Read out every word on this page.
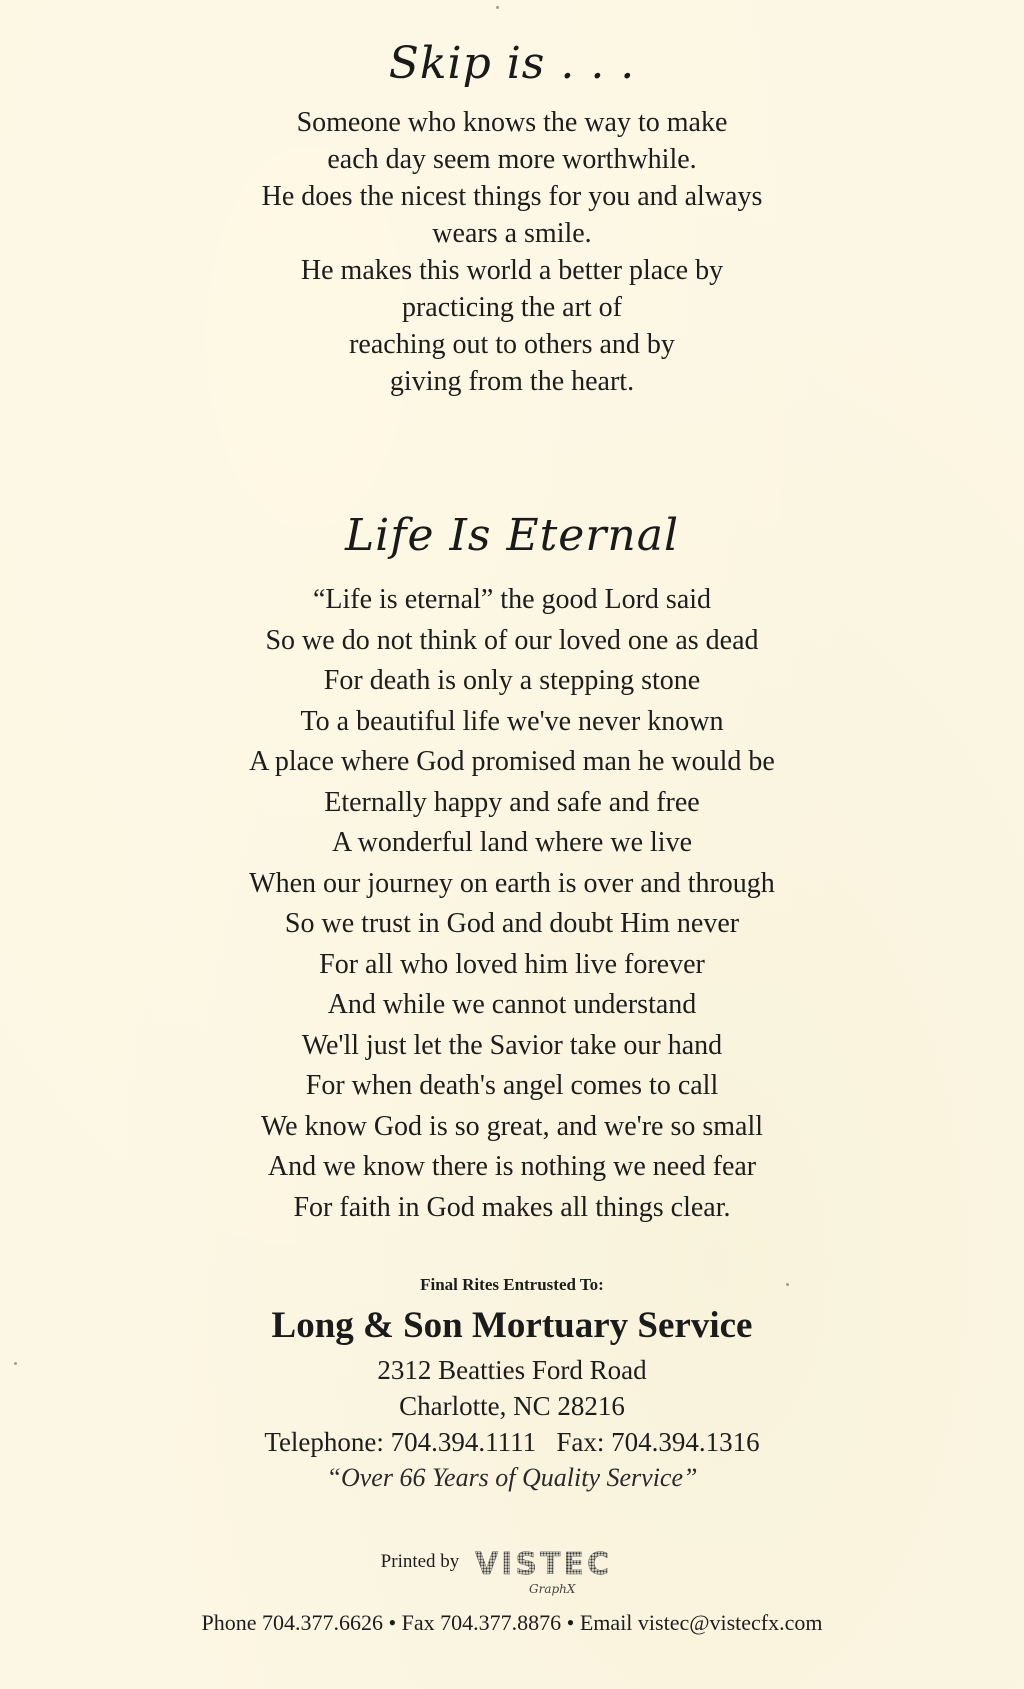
Skip is . . .
Someone who knows the way to make
each day seem more worthwhile.
He does the nicest things for you and always
wears a smile.
He makes this world a better place by
practicing the art of
reaching out to others and by
giving from the heart.
Life Is Eternal
“Life is eternal” the good Lord said
So we do not think of our loved one as dead
For death is only a stepping stone
To a beautiful life we've never known
A place where God promised man he would be
Eternally happy and safe and free
A wonderful land where we live
When our journey on earth is over and through
So we trust in God and doubt Him never
For all who loved him live forever
And while we cannot understand
We'll just let the Savior take our hand
For when death's angel comes to call
We know God is so great, and we're so small
And we know there is nothing we need fear
For faith in God makes all things clear.
Final Rites Entrusted To:
Long & Son Mortuary Service
2312 Beatties Ford Road
Charlotte, NC 28216
Telephone: 704.394.1111   Fax: 704.394.1316
“Over 66 Years of Quality Service”
Printed by VISTEC
GraphX
Phone 704.377.6626 • Fax 704.377.8876 • Email vistec@vistecfx.com
